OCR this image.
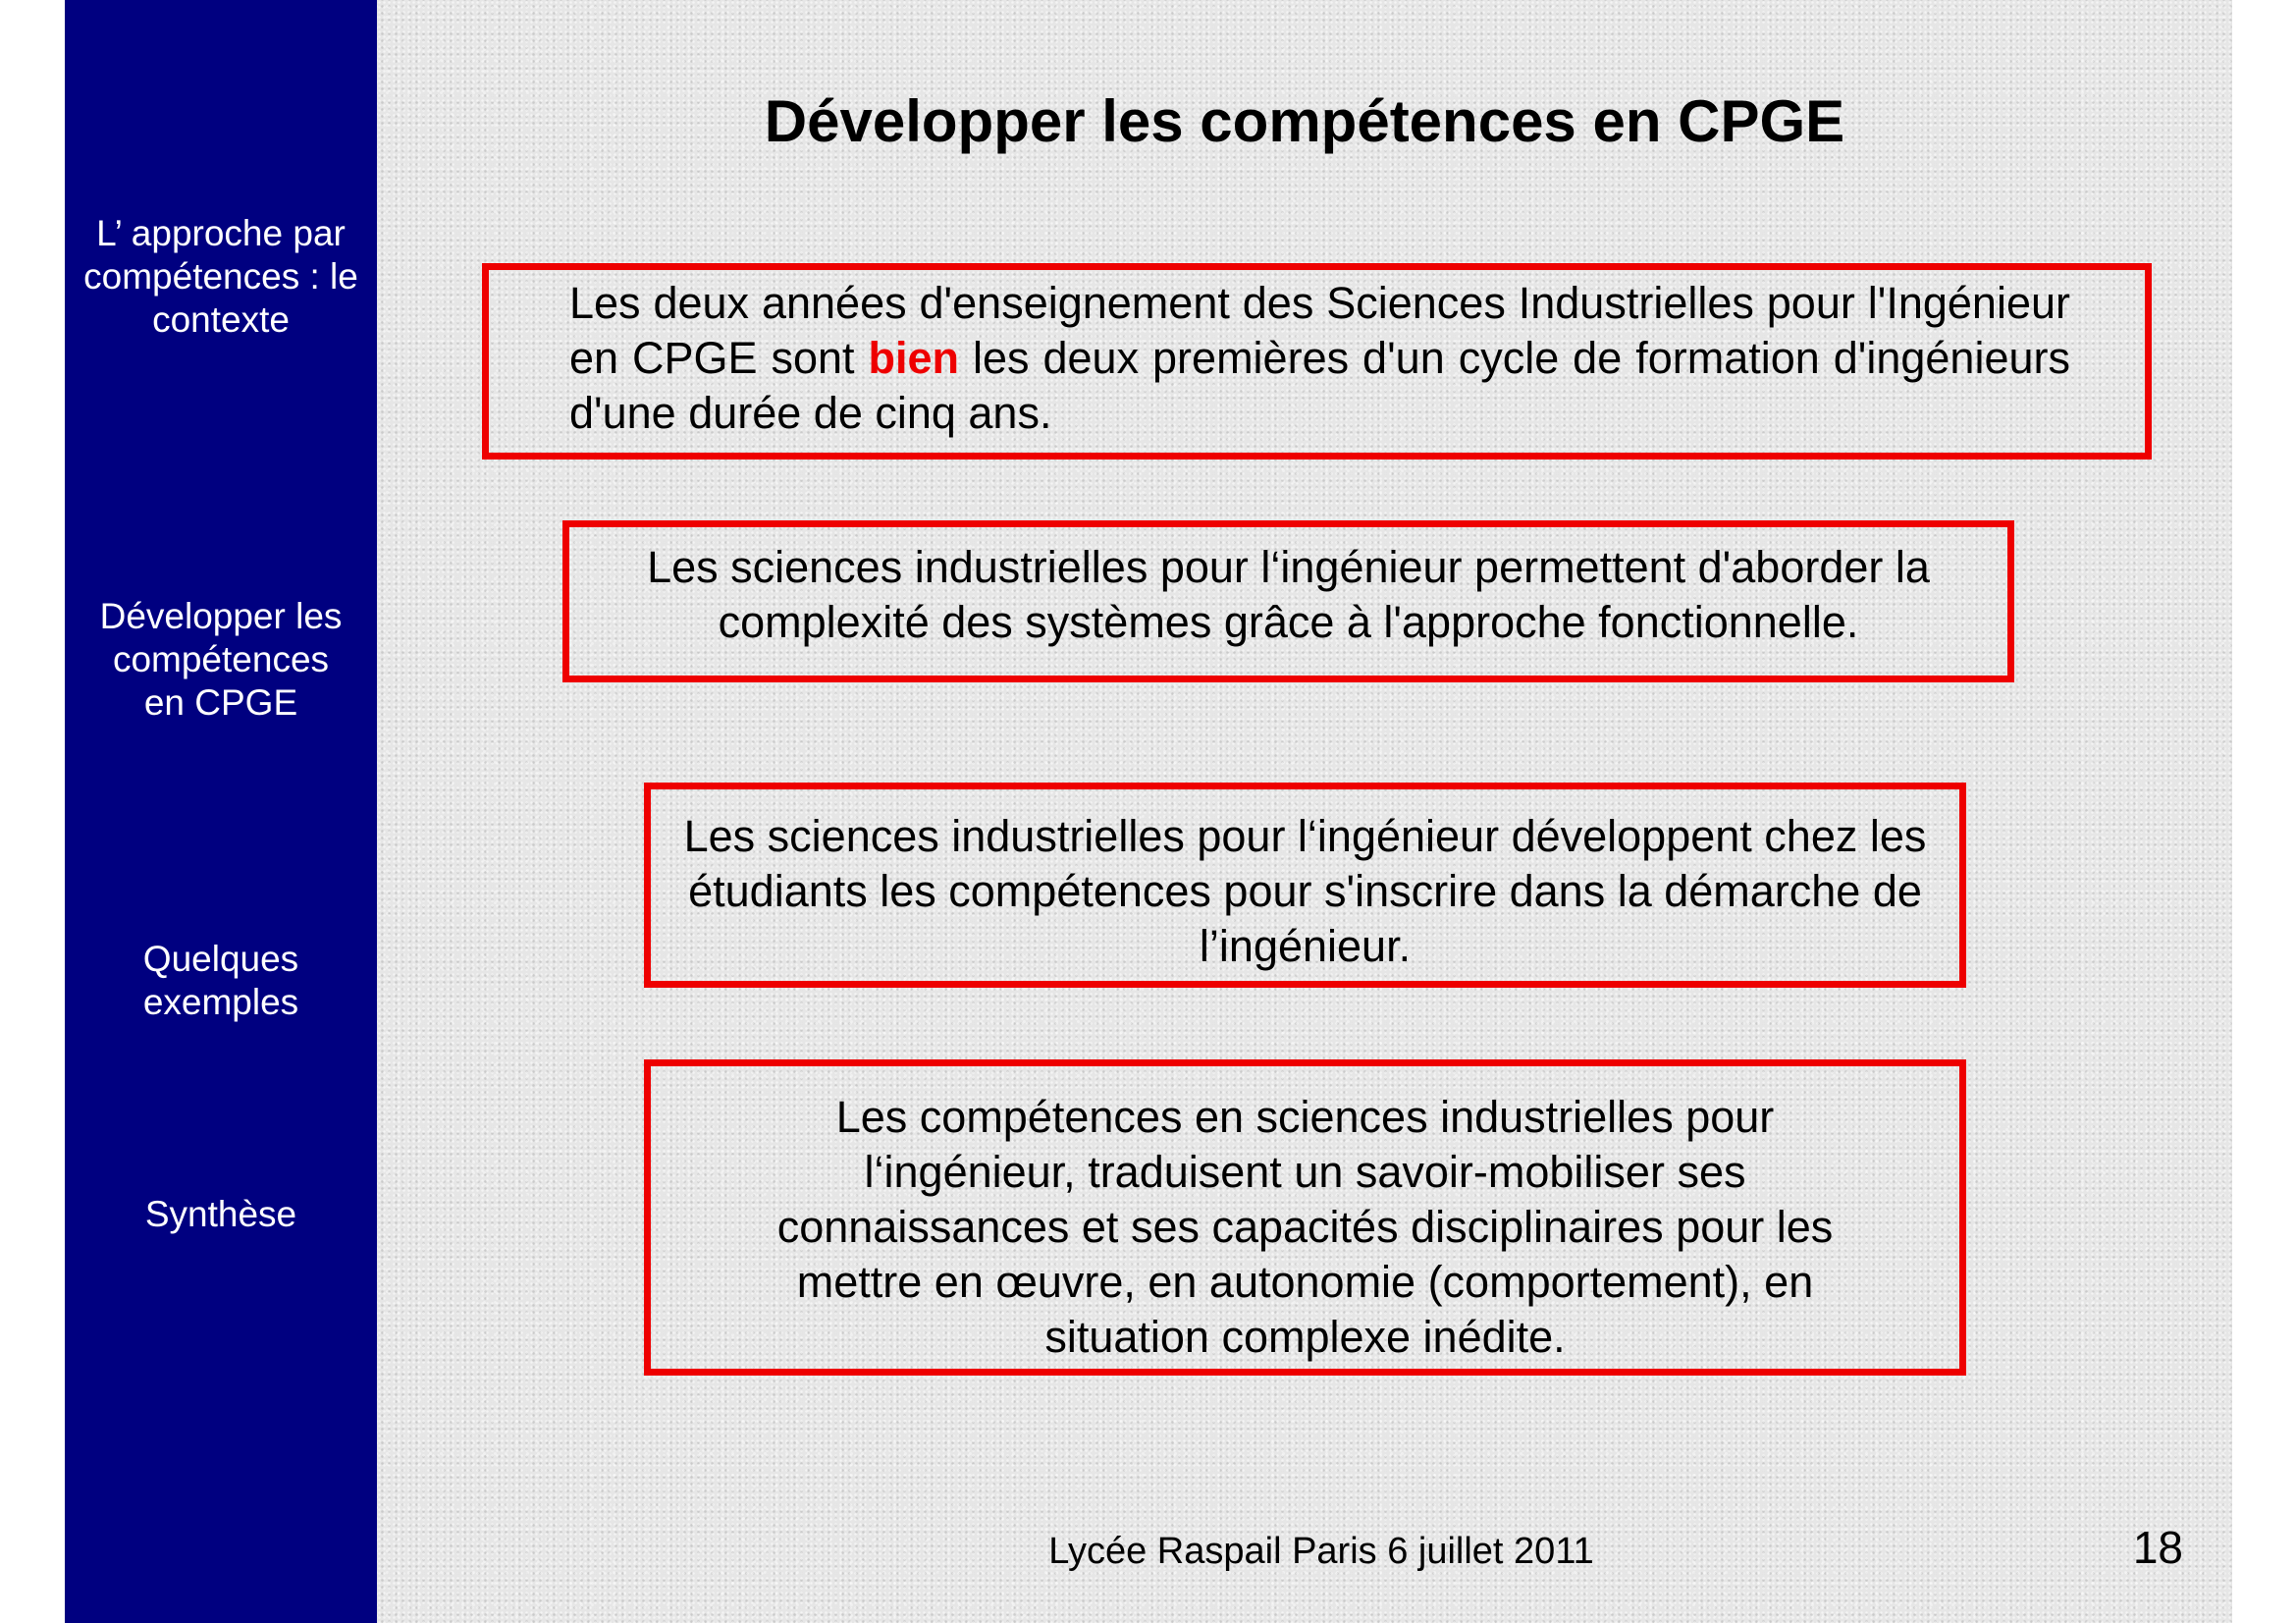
L’ approche par compétences : le contexte
Développer les compétences en CPGE
Quelques exemples
Synthèse
Développer les compétences en CPGE

Les deux années d'enseignement des Sciences Industrielles pour l'Ingénieur en CPGE sont bien les deux premières d'un cycle de formation d'ingénieurs d'une durée de cinq ans.

Les sciences industrielles pour l‘ingénieur permettent d'aborder la complexité des systèmes grâce à l'approche fonctionnelle.

Les sciences industrielles pour l‘ingénieur développent chez les étudiants les compétences pour s'inscrire dans la démarche de l’ingénieur.

Les compétences en sciences industrielles pour l‘ingénieur, traduisent un savoir-mobiliser ses connaissances et ses capacités disciplinaires pour les mettre en œuvre, en autonomie (comportement), en situation complexe inédite.

Lycée Raspail Paris 6 juillet 2011	18
